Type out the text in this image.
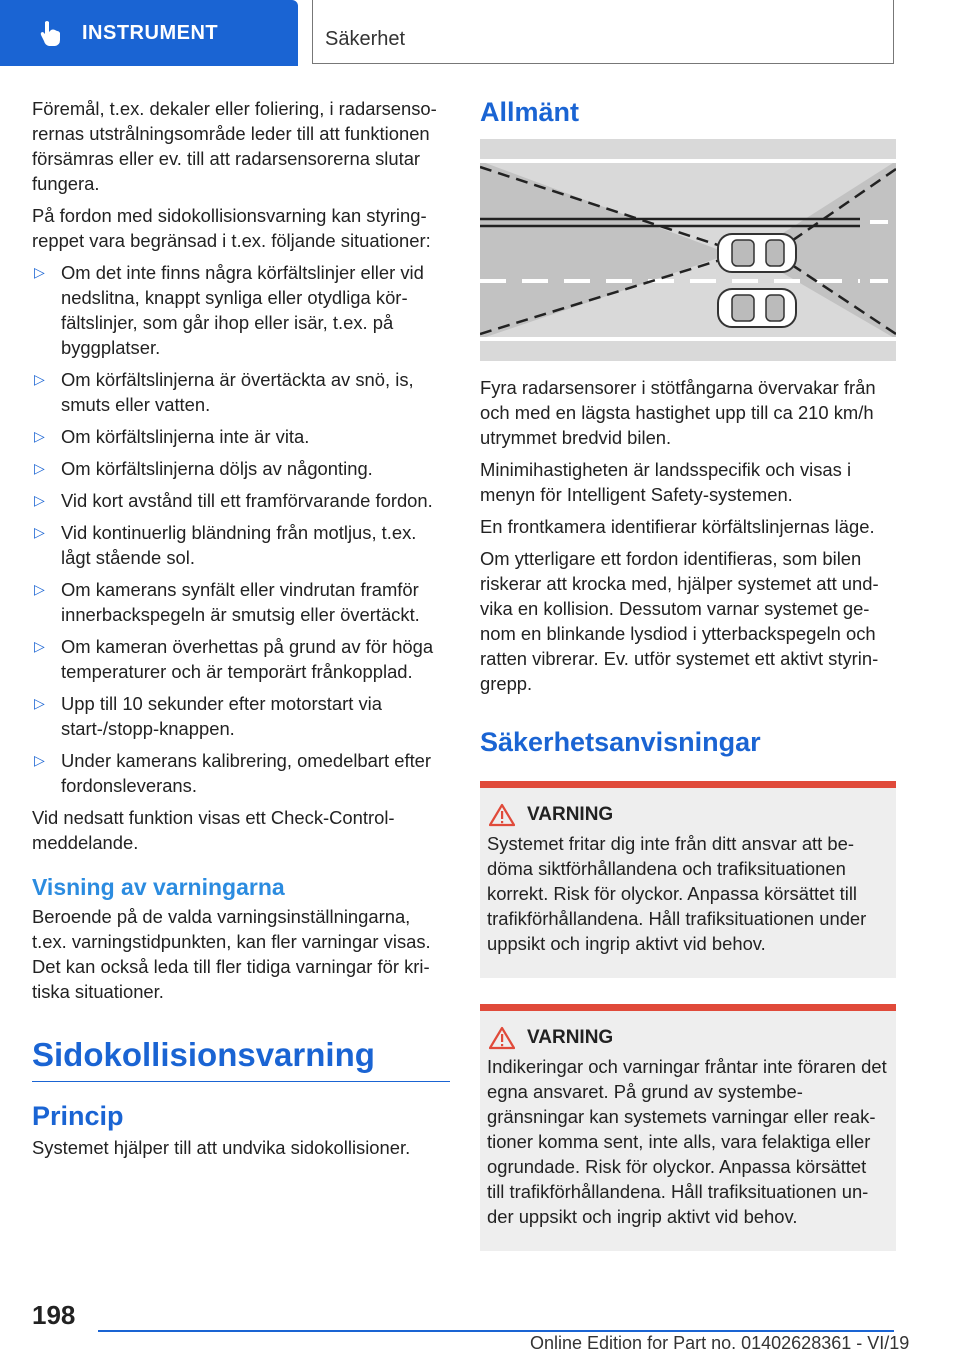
INSTRUMENT	Säkerhet

Föremål, t.ex. dekaler eller foliering, i radarsensorernas utstrålningsområde leder till att funktionen försämras eller ev. till att radarsensorerna slutar fungera.

På fordon med sidokollisionsvarning kan styringreppet vara begränsad i t.ex. följande situationer:

▷ Om det inte finns några körfältslinjer eller vid nedslitna, knappt synliga eller otydliga körfältslinjer, som går ihop eller isär, t.ex. på byggplatser.
▷ Om körfältslinjerna är övertäckta av snö, is, smuts eller vatten.
▷ Om körfältslinjerna inte är vita.
▷ Om körfältslinjerna döljs av någonting.
▷ Vid kort avstånd till ett framförvarande fordon.
▷ Vid kontinuerlig bländning från motljus, t.ex. lågt stående sol.
▷ Om kamerans synfält eller vindrutan framför innerbackspegeln är smutsig eller övertäckt.
▷ Om kameran överhettas på grund av för höga temperaturer och är temporärt frånkopplad.
▷ Upp till 10 sekunder efter motorstart via start-/stopp-knappen.
▷ Under kamerans kalibrering, omedelbart efter fordonsleverans.

Vid nedsatt funktion visas ett Check-Control-meddelande.

Visning av varningarna

Beroende på de valda varningsinställningarna, t.ex. varningstidpunkten, kan fler varningar visas. Det kan också leda till fler tidiga varningar för kritiska situationer.

Sidokollisionsvarning
Princip

Systemet hjälper till att undvika sidokollisioner.

Allmänt

Fyra radarsensorer i stötfångarna övervakar från och med en lägsta hastighet upp till ca 210 km/h utrymmet bredvid bilen.

Minimihastigheten är landsspecifik och visas i menyn för Intelligent Safety-systemen.

En frontkamera identifierar körfältslinjernas läge.

Om ytterligare ett fordon identifieras, som bilen riskerar att krocka med, hjälper systemet att undvika en kollision. Dessutom varnar systemet genom en blinkande lysdiod i ytterbackspegeln och ratten vibrerar. Ev. utför systemet ett aktivt styringrepp.

Säkerhetsanvisningar
VARNING
Systemet fritar dig inte från ditt ansvar att bedöma siktförhållandena och trafiksituationen korrekt. Risk för olyckor. Anpassa körsättet till trafikförhållandena. Håll trafiksituationen under uppsikt och ingrip aktivt vid behov.
VARNING
Indikeringar och varningar fråntar inte föraren det egna ansvaret. På grund av systembegränsningar kan systemets varningar eller reaktioner komma sent, inte alls, vara felaktiga eller ogrundade. Risk för olyckor. Anpassa körsättet till trafikförhållandena. Håll trafiksituationen under uppsikt och ingrip aktivt vid behov.
198
Online Edition for Part no. 01402628361 - VI/19
